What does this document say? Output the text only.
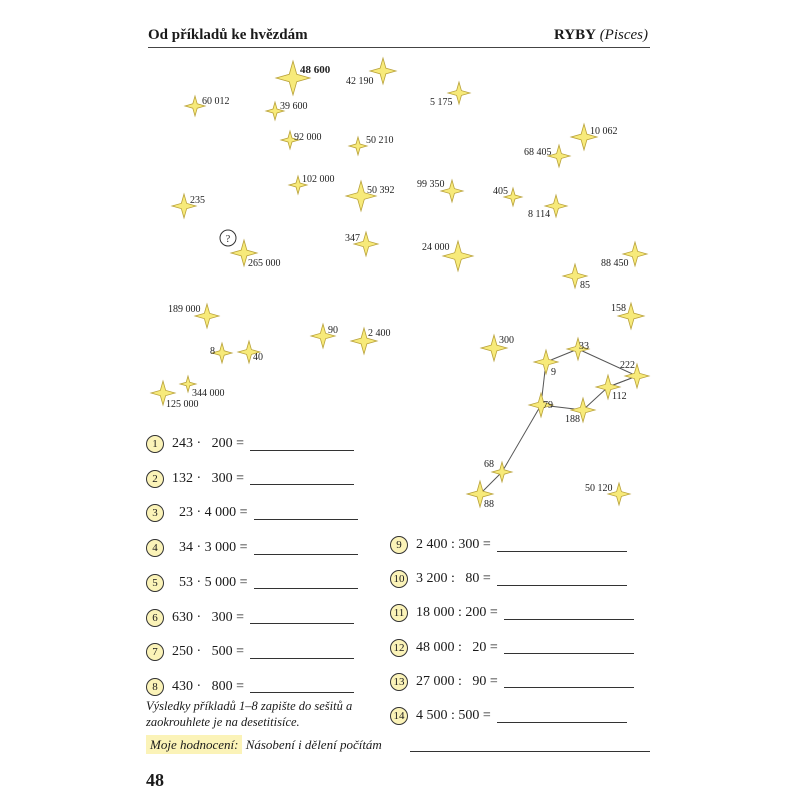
Od příkladů ke hvězdám	RYBY (Pisces)
48 600
42 190
5 175
60 012	39 600
92 000	50 210
10 062
68 405
102 000
50 392
99 350
405
8 114
235
?
265 000
347
24 000
88 450
85
189 000	158
90	2 400
8
40
300
33
9
222
344 000
125 000	79
112
188
68
88
50 120
1	243 ·   200 =
2	132 ·   300 =
3	23 · 4 000 =
4	34 · 3 000 =
5	53 · 5 000 =
6	630 ·   300 =
7	250 ·   500 =
8	430 ·   800 =
9	2 400 : 300 =
10 3 200 :   80 =
11 18 000 : 200 =
12 48 000 :   20 =
13 27 000 :   90 =
14 4 500 : 500 =
Výsledky příkladů 1–8 zapište do sešitů a zaokrouhlete je na desetitisíce.
Moje hodnocení: Násobení i dělení počítám
48
